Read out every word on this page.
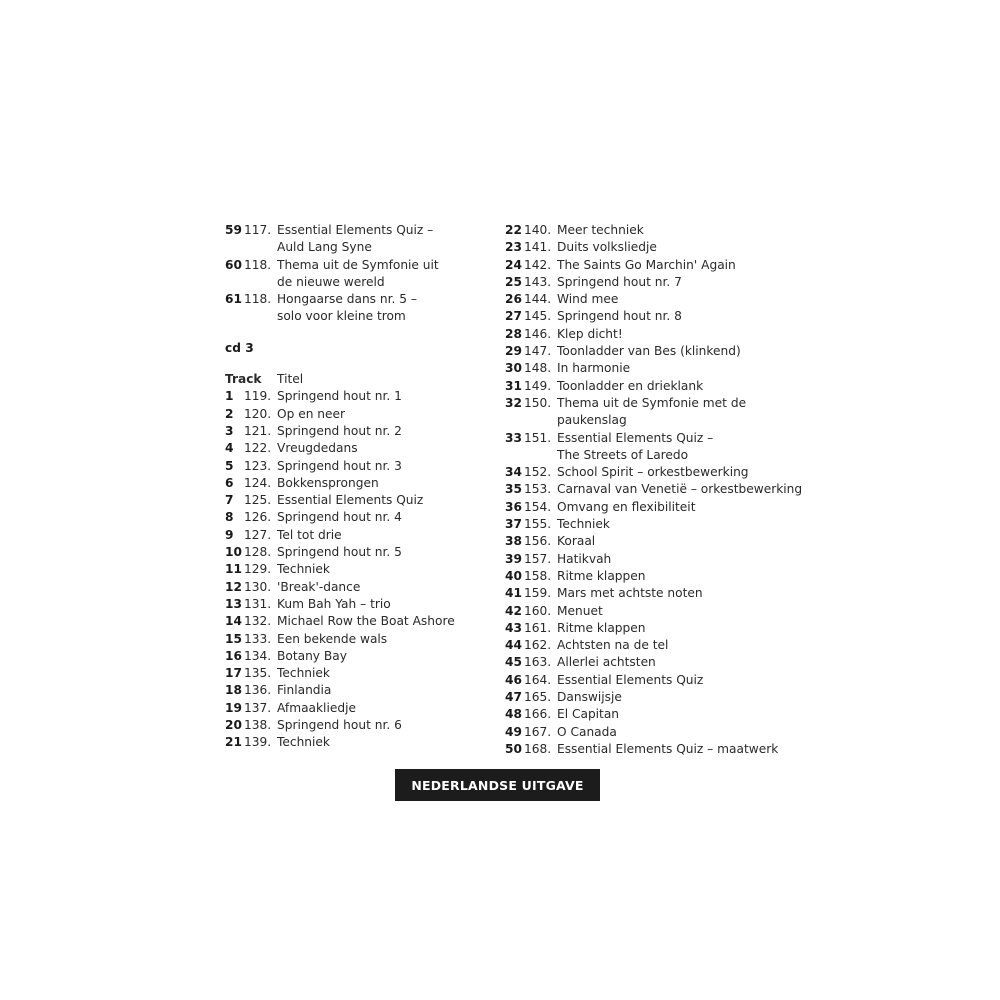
59 117. Essential Elements Quiz –
Auld Lang Syne
60 118. Thema uit de Symfonie uit
de nieuwe wereld
61 118. Hongaarse dans nr. 5 –
solo voor kleine trom
cd 3
Track	Titel
1 119. Springend hout nr. 1
2 120. Op en neer
3 121. Springend hout nr. 2
4 122. Vreugdedans
5 123. Springend hout nr. 3
6 124. Bokkensprongen
7 125. Essential Elements Quiz
8 126. Springend hout nr. 4
9 127. Tel tot drie
10 128. Springend hout nr. 5
11 129. Techniek
12 130. 'Break'-dance
13 131. Kum Bah Yah – trio
14 132. Michael Row the Boat Ashore
15 133. Een bekende wals
16 134. Botany Bay
17 135. Techniek
18 136. Finlandia
19 137. Afmaakliedje
20 138. Springend hout nr. 6
21 139. Techniek
22 140. Meer techniek
23 141. Duits volksliedje
24 142. The Saints Go Marchin' Again
25 143. Springend hout nr. 7
26 144. Wind mee
27 145. Springend hout nr. 8
28 146. Klep dicht!
29 147. Toonladder van Bes (klinkend)
30 148. In harmonie
31 149. Toonladder en drieklank
32 150. Thema uit de Symfonie met de
paukenslag
33 151. Essential Elements Quiz –
The Streets of Laredo
34 152. School Spirit – orkestbewerking
35 153. Carnaval van Venetië – orkestbewerking
36 154. Omvang en flexibiliteit
37 155. Techniek
38 156. Koraal
39 157. Hatikvah
40 158. Ritme klappen
41 159. Mars met achtste noten
42 160. Menuet
43 161. Ritme klappen
44 162. Achtsten na de tel
45 163. Allerlei achtsten
46 164. Essential Elements Quiz
47 165. Danswijsje
48 166. El Capitan
49 167. O Canada
50 168. Essential Elements Quiz – maatwerk
NEDERLANDSE UITGAVE
